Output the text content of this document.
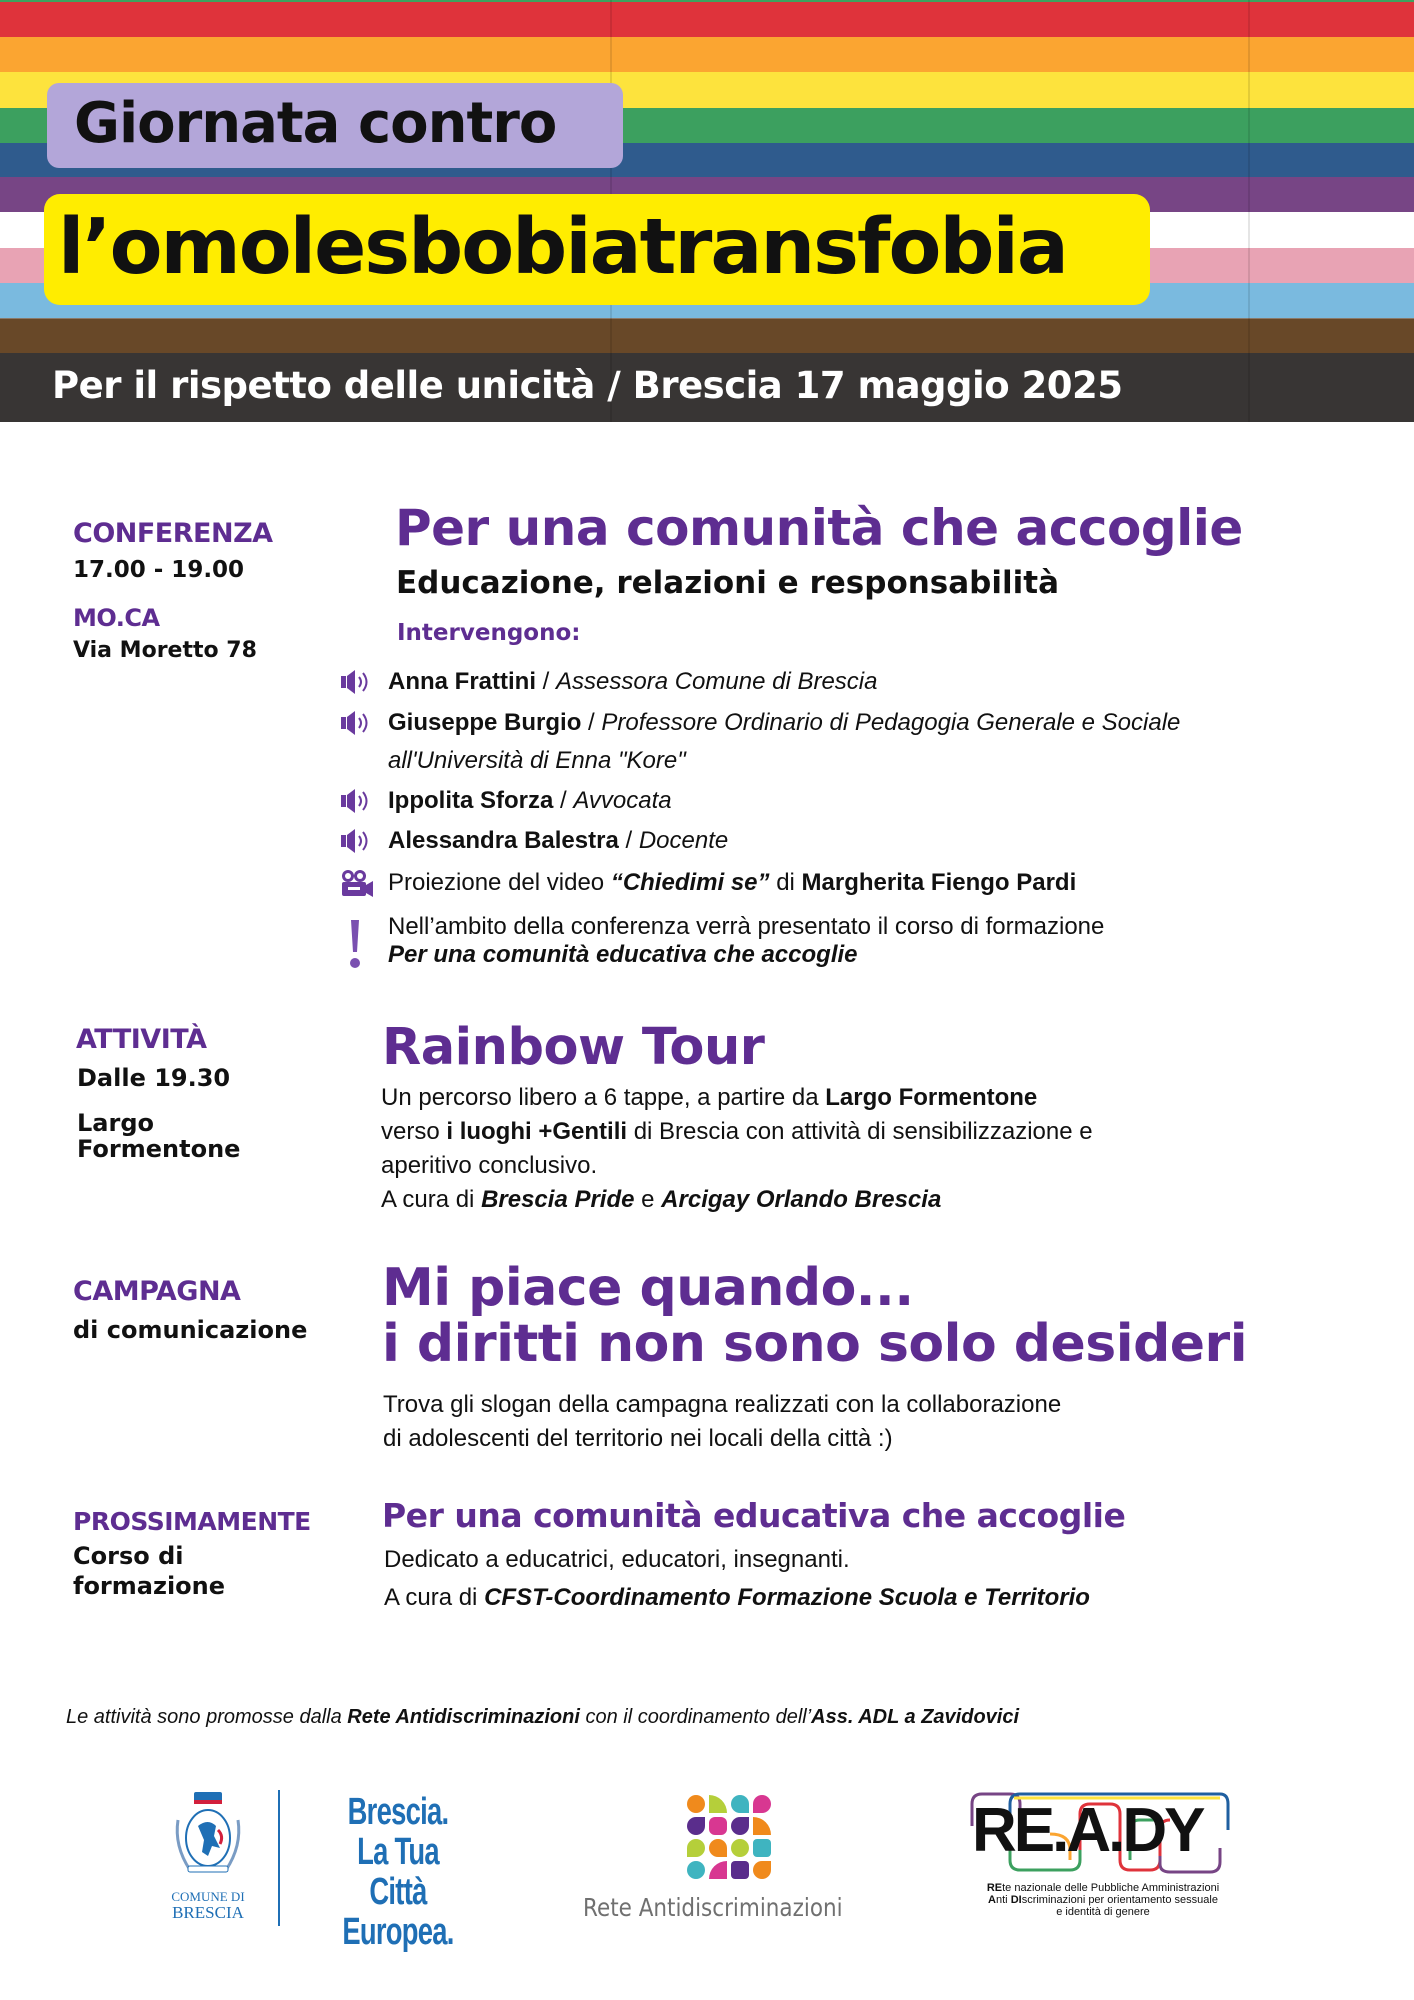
Giornata contro
l’omolesbobiatransfobia
Per il rispetto delle unicità / Brescia 17 maggio 2025
CONFERENZA
17.00 - 19.00
MO.CA
Via Moretto 78
Per una comunità che accoglie
Educazione, relazioni e responsabilità
Intervengono:
Anna Frattini / Assessora Comune di Brescia
Giuseppe Burgio / Professore Ordinario di Pedagogia Generale e Sociale
all'Università di Enna "Kore"
Ippolita Sforza / Avvocata
Alessandra Balestra / Docente
Proiezione del video “Chiedimi se” di Margherita Fiengo Pardi
Nell’ambito della conferenza verrà presentato il corso di formazione
Per una comunità educativa che accoglie
ATTIVITÀ
Dalle 19.30
Largo Formentone
Rainbow Tour
Un percorso libero a 6 tappe, a partire da Largo Formentone
verso i luoghi +Gentili di Brescia con attività di sensibilizzazione e
aperitivo conclusivo.
A cura di Brescia Pride e Arcigay Orlando Brescia
CAMPAGNA
di comunicazione
Mi piace quando...
i diritti non sono solo desideri
Trova gli slogan della campagna realizzati con la collaborazione
di adolescenti del territorio nei locali della città :)
PROSSIMAMENTE
Corso di formazione
Per una comunità educativa che accoglie
Dedicato a educatrici, educatori, insegnanti.
A cura di CFST-Coordinamento Formazione Scuola e Territorio
Le attività sono promosse dalla Rete Antidiscriminazioni con il coordinamento dell’Ass. ADL a Zavidovici
COMUNE DI
BRESCIA
Brescia.
La Tua Città
Europea.
Rete Antidiscriminazioni
RE.A.DY
REte nazionale delle Pubbliche Amministrazioni
Anti DIscriminazioni per orientamento sessuale
e identità di genere
